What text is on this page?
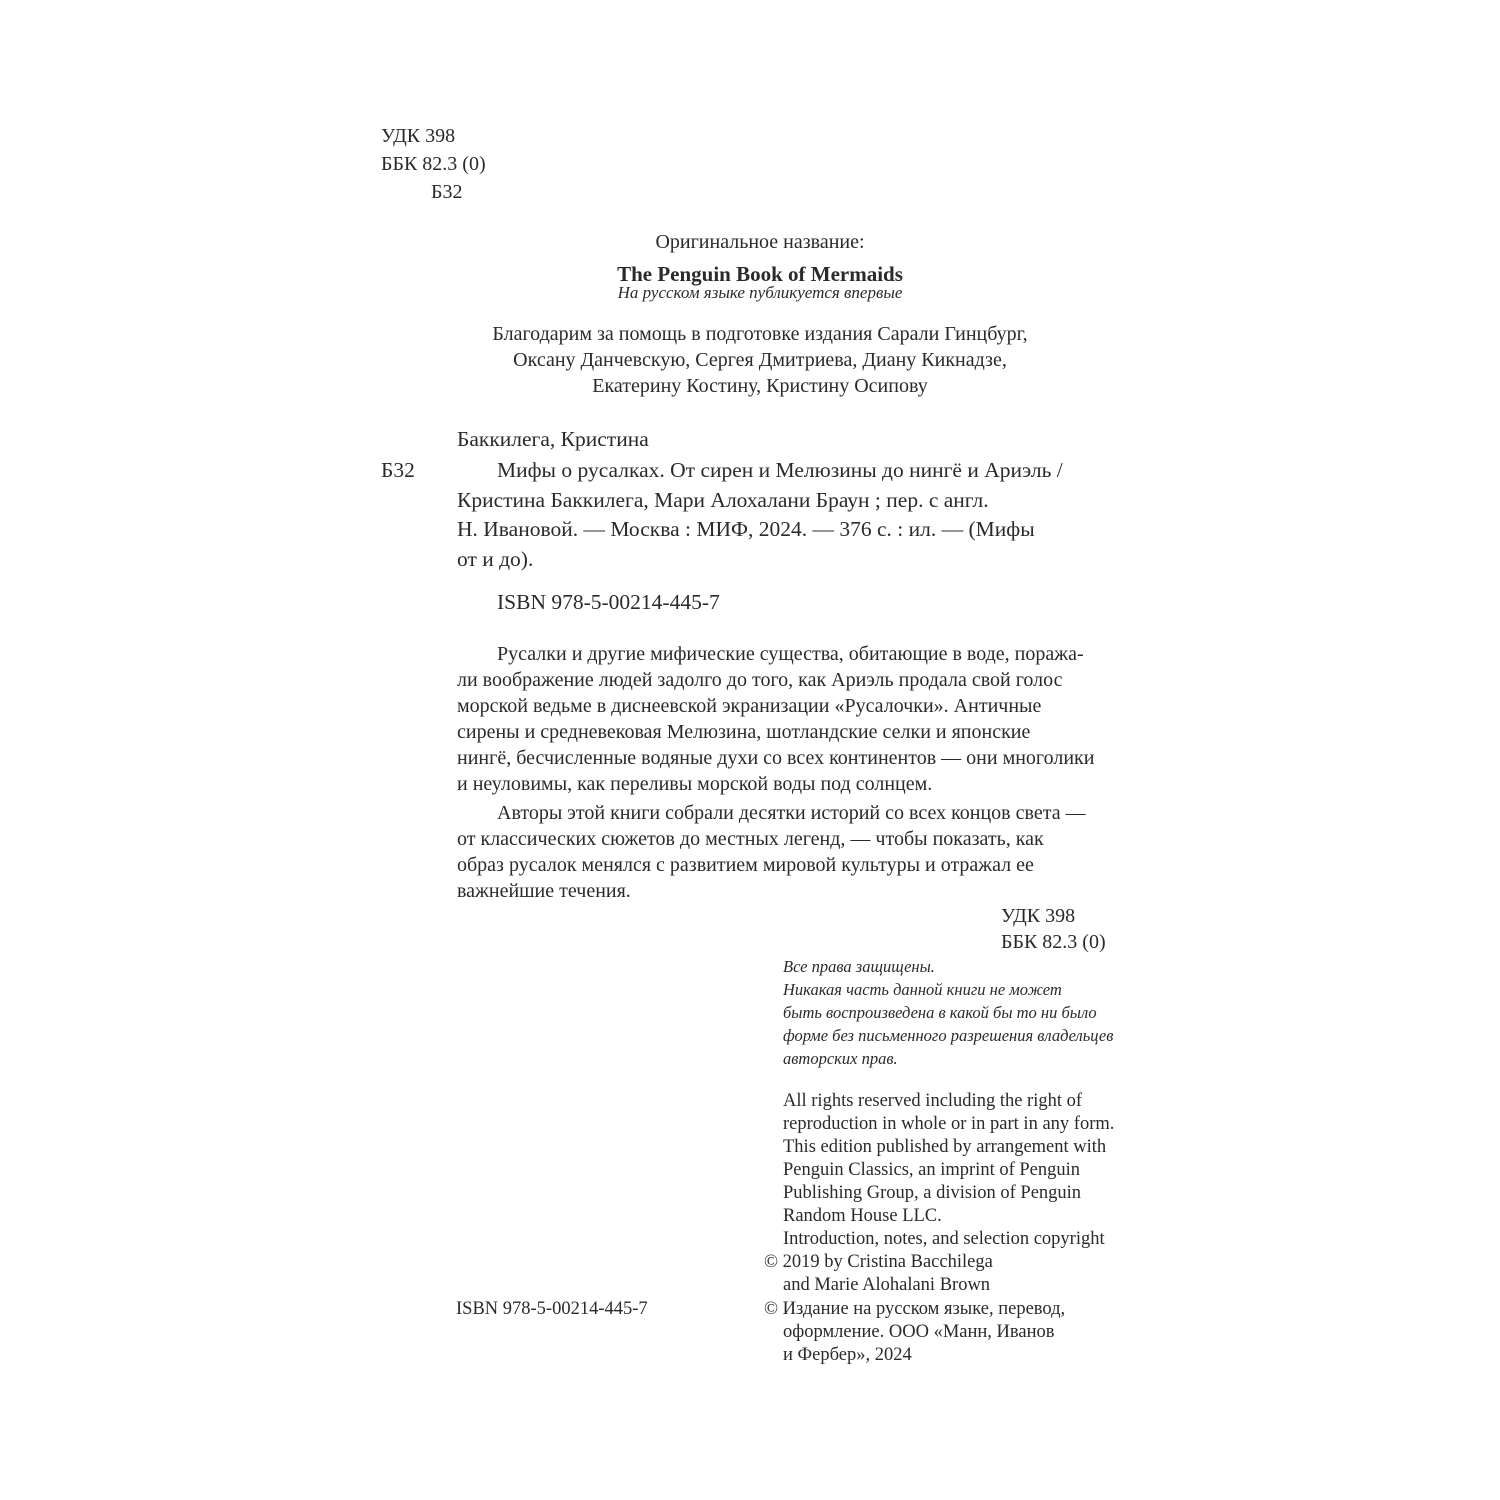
УДК 398
ББК 82.3 (0)
Б32
Оригинальное название:
The Penguin Book of Mermaids
На русском языке публикуется впервые
Благодарим за помощь в подготовке издания Сарали Гинцбург,
Оксану Данчевскую, Сергея Дмитриева, Диану Кикнадзе,
Екатерину Костину, Кристину Осипову
Баккилега, Кристина
Б32	Мифы о русалках. От сирен и Мелюзины до нингё и Ариэль /
Кристина Баккилега, Мари Алохалани Браун ; пер. с англ.
Н. Ивановой. — Москва : МИФ, 2024. — 376 с. : ил. — (Мифы
от и до).
ISBN 978-5-00214-445-7
Русалки и другие мифические существа, обитающие в воде, поража-
ли воображение людей задолго до того, как Ариэль продала свой голос
морской ведьме в диснеевской экранизации «Русалочки». Античные
сирены и средневековая Мелюзина, шотландские селки и японские
нингё, бесчисленные водяные духи со всех континентов — они многолики
и неуловимы, как переливы морской воды под солнцем.
Авторы этой книги собрали десятки историй со всех концов света —
от классических сюжетов до местных легенд, — чтобы показать, как
образ русалок менялся с развитием мировой культуры и отражал ее
важнейшие течения.
УДК 398
ББК 82.3 (0)
Все права защищены.
Никакая часть данной книги не может
быть воспроизведена в какой бы то ни было
форме без письменного разрешения владельцев
авторских прав.
All rights reserved including the right of
reproduction in whole or in part in any form.
This edition published by arrangement with
Penguin Classics, an imprint of Penguin
Publishing Group, a division of Penguin
Random House LLC.
Introduction, notes, and selection copyright
© 2019 by Cristina Bacchilega
and Marie Alohalani Brown
ISBN 978-5-00214-445-7	© Издание на русском языке, перевод,
оформление. ООО «Манн, Иванов
и Фербер», 2024
